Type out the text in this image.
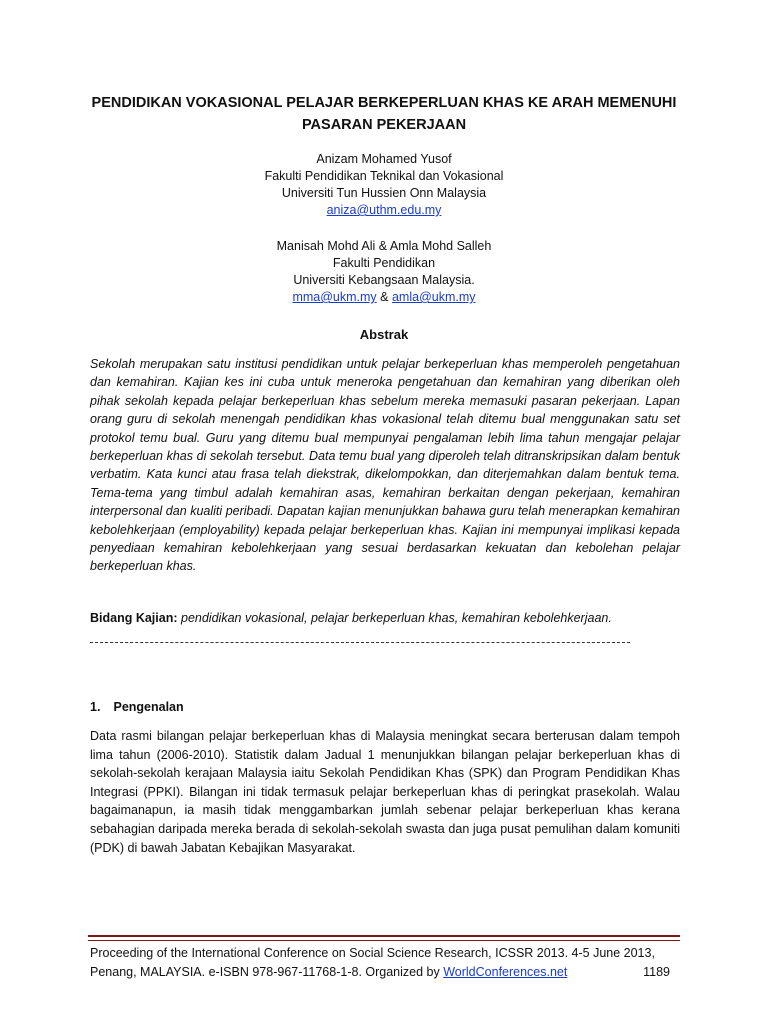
PENDIDIKAN VOKASIONAL PELAJAR BERKEPERLUAN KHAS KE ARAH MEMENUHI PASARAN PEKERJAAN
Anizam Mohamed Yusof
Fakulti Pendidikan Teknikal dan Vokasional
Universiti Tun Hussien Onn Malaysia
aniza@uthm.edu.my
Manisah Mohd Ali & Amla Mohd Salleh
Fakulti Pendidikan
Universiti Kebangsaan Malaysia.
mma@ukm.my & amla@ukm.my
Abstrak

Sekolah merupakan satu institusi pendidikan untuk pelajar berkeperluan khas memperoleh pengetahuan dan kemahiran. Kajian kes ini cuba untuk meneroka pengetahuan dan kemahiran yang diberikan oleh pihak sekolah kepada pelajar berkeperluan khas sebelum mereka memasuki pasaran pekerjaan. Lapan orang guru di sekolah menengah pendidikan khas vokasional telah ditemu bual menggunakan satu set protokol temu bual. Guru yang ditemu bual mempunyai pengalaman lebih lima tahun mengajar pelajar berkeperluan khas di sekolah tersebut. Data temu bual yang diperoleh telah ditranskripsikan dalam bentuk verbatim. Kata kunci atau frasa telah diekstrak, dikelompokkan, dan diterjemahkan dalam bentuk tema. Tema-tema yang timbul adalah kemahiran asas, kemahiran berkaitan dengan pekerjaan, kemahiran interpersonal dan kualiti peribadi. Dapatan kajian menunjukkan bahawa guru telah menerapkan kemahiran kebolehkerjaan (employability) kepada pelajar berkeperluan khas. Kajian ini mempunyai implikasi kepada penyediaan kemahiran kebolehkerjaan yang sesuai berdasarkan kekuatan dan kebolehan pelajar berkeperluan khas.

Bidang Kajian: pendidikan vokasional, pelajar berkeperluan khas, kemahiran kebolehkerjaan.
1. Pengenalan

Data rasmi bilangan pelajar berkeperluan khas di Malaysia meningkat secara berterusan dalam tempoh lima tahun (2006-2010). Statistik dalam Jadual 1 menunjukkan bilangan pelajar berkeperluan khas di sekolah-sekolah kerajaan Malaysia iaitu Sekolah Pendidikan Khas (SPK) dan Program Pendidikan Khas Integrasi (PPKI). Bilangan ini tidak termasuk pelajar berkeperluan khas di peringkat prasekolah. Walau bagaimanapun, ia masih tidak menggambarkan jumlah sebenar pelajar berkeperluan khas kerana sebahagian daripada mereka berada di sekolah-sekolah swasta dan juga pusat pemulihan dalam komuniti (PDK) di bawah Jabatan Kebajikan Masyarakat.

Proceeding of the International Conference on Social Science Research, ICSSR 2013. 4-5 June 2013,
Penang, MALAYSIA. e-ISBN 978-967-11768-1-8. Organized by WorldConferences.net	1189
